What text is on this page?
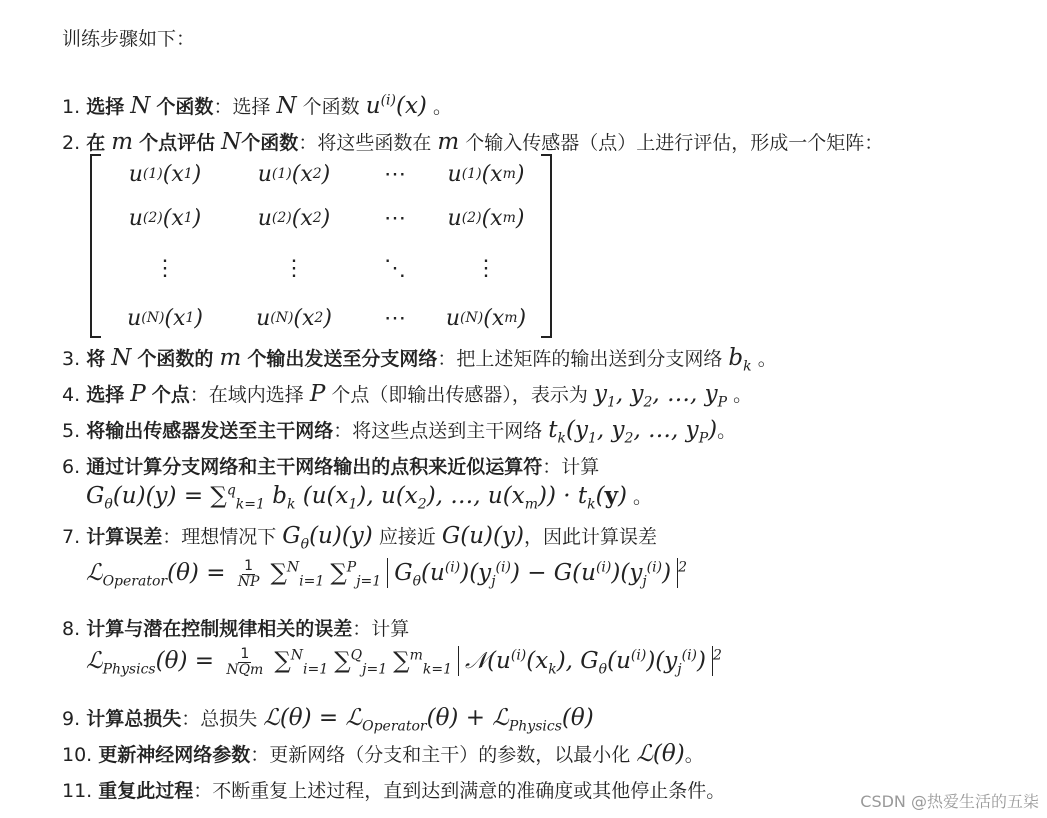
训练步骤如下：
1. 选择 N 个函数：选择 N 个函数 $u^{(i)}(x)$ 。
2. 在 m 个点评估 N个函数：将这些函数在 m 个输入传感器（点）上进行评估，形成一个矩阵：
u (1) (x 1 )	u (1) (x 2 )	⋯	u (1) (x m )
u (2) (x 1 )	u (2) (x 2 )	⋯	u (2) (x m )
⋮	⋮	⋱	⋮
u (N) (x 1 )	u (N) (x 2 )	⋯	u (N) (x m )
3. 将 N 个函数的 m 个输出发送至分支网络：把上述矩阵的输出送到分支网络 $b_k$ 。
4. 选择 P 个点：在域内选择 P 个点（即输出传感器），表示为 $y_1$, $y_2$, …, $y_P$ 。
5. 将输出传感器发送至主干网络：将这些点送到主干网络 $t_k(y_1$, $y_2$, …, $y_P$)。
6. 通过计算分支网络和主干网络输出的点积来近似运算符：计算
$G_\theta(u)(y) = \sum^q_{k=1}$ $b_k$ ($u(x_1)$, $u(x_2)$, …, $u(x_m)) \cdot t_k(y)$ 。
7. 计算误差：理想情况下 $G_\theta(u)(y)$ 应接近 G(u)(y)，因此计算误差
ℒ$_{Operator}$(θ) = $\frac{1}{NP} \sum^N_{i=1}$ ∑$^P_{j=1}$ $G_\theta(u^{(i)})(y_j^{(i)}) - G(u^{(i)})(y_j^{(i)})$ $^2$
8. 计算与潜在控制规律相关的误差：计算
ℒ$_{Physics}$(θ) = $\frac{1}{\text{NQm}} \sum^N_{i=1}$ ∑$^Q_{j=1}$ ∑$^m_{k=1}$ $𝒩(u^{(i)}(x_k)$, $G_\theta(u^{(i)})(y_j^{(i)})$ $^2$
9. 计算总损失：总损失 ℒ(θ) = ℒ$_{Operator}$(θ) + ℒ$_{Physics}$(θ)
10. 更新神经网络参数：更新网络（分支和主干）的参数，以最小化 ℒ(θ)。
11. 重复此过程：不断重复上述过程，直到达到满意的准确度或其他停止条件。	CSDN @热爱生活的五柒
